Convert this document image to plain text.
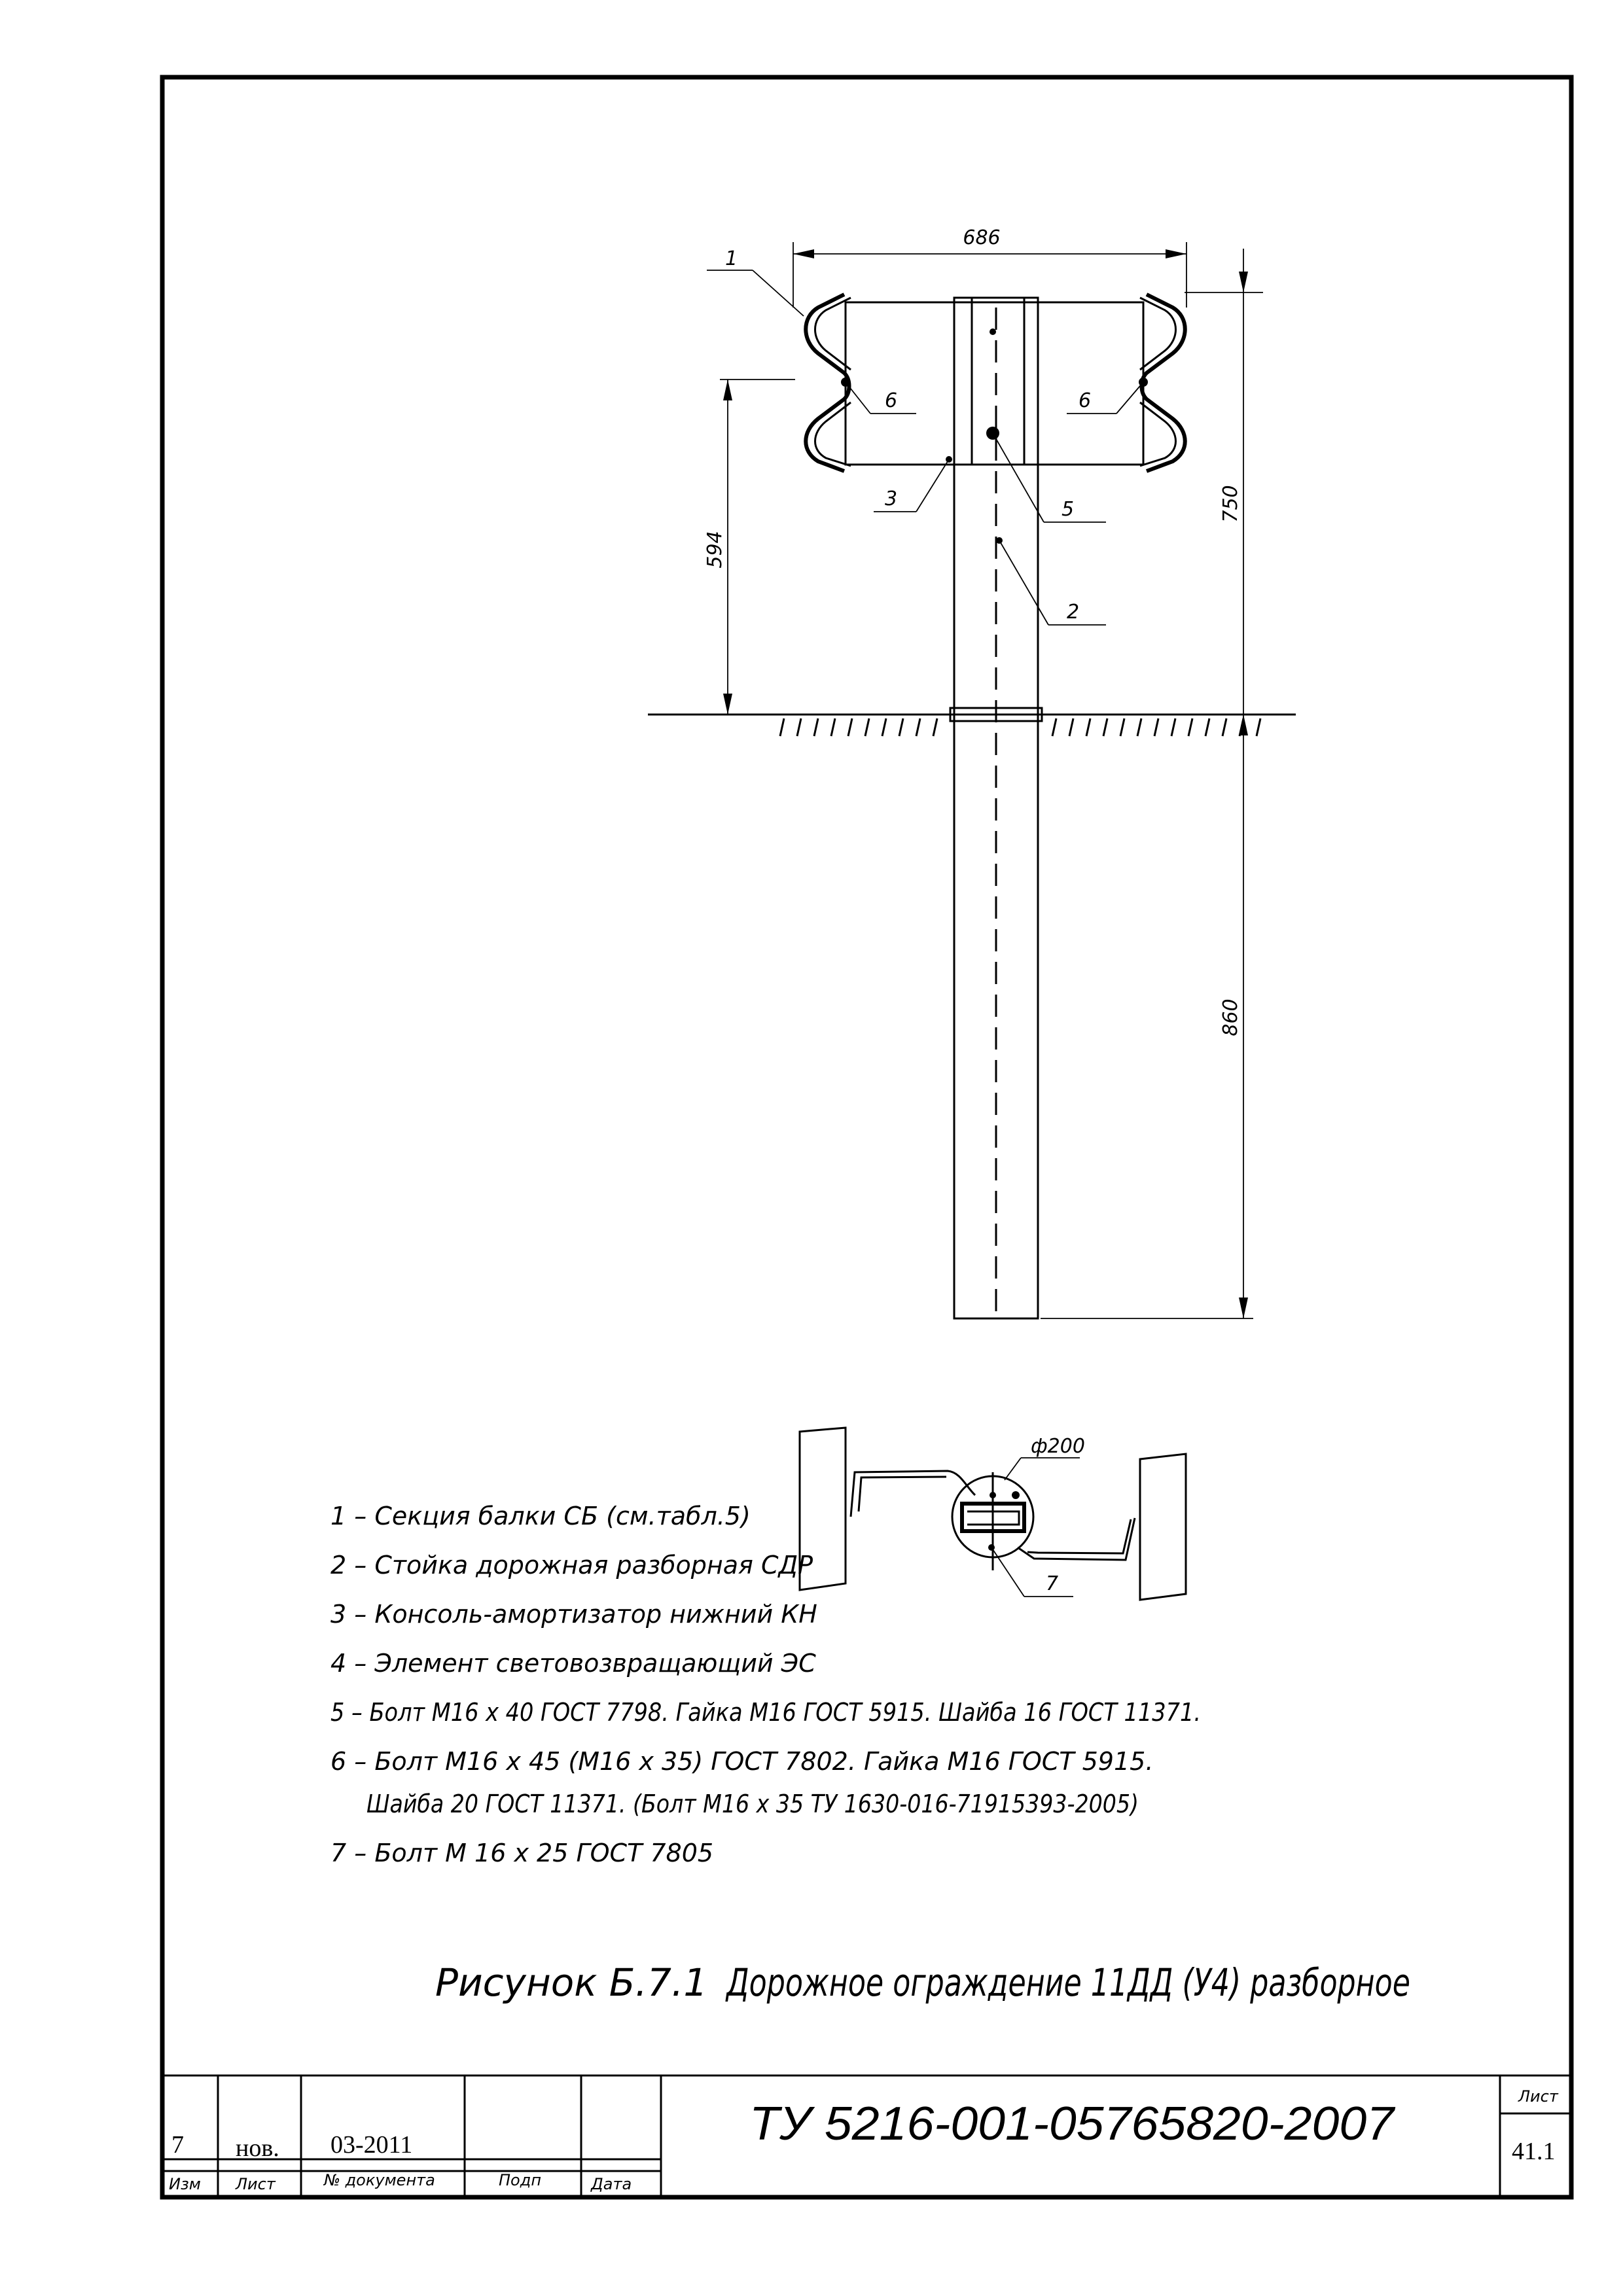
686
1
6	6
3	5
2
594
750
860
ф200
7
1 – Секция балки СБ (см.табл.5)
2 – Стойка дорожная разборная СДР
3 – Консоль-амортизатор нижний КН
4 – Элемент световозвращающий ЭС
5 – Болт М16 х 40 ГОСТ 7798. Гайка М16 ГОСТ 5915. Шайба 16 ГОСТ 11371.
6 – Болт М16 х 45 (М16 х 35) ГОСТ 7802. Гайка М16 ГОСТ 5915.
Шайба 20 ГОСТ 11371. (Болт М16 х 35 ТУ 1630-016-71915393-2005)
7 – Болт М 16 х 25 ГОСТ 7805
Рисунок Б.7.1 Дорожное ограждение 11ДД (У4) разборное
7 нов. 03-2011
Изм Лист	№ документа	Подп	Дата
ТУ 5216-001-05765820-2007
Лист
41.1
